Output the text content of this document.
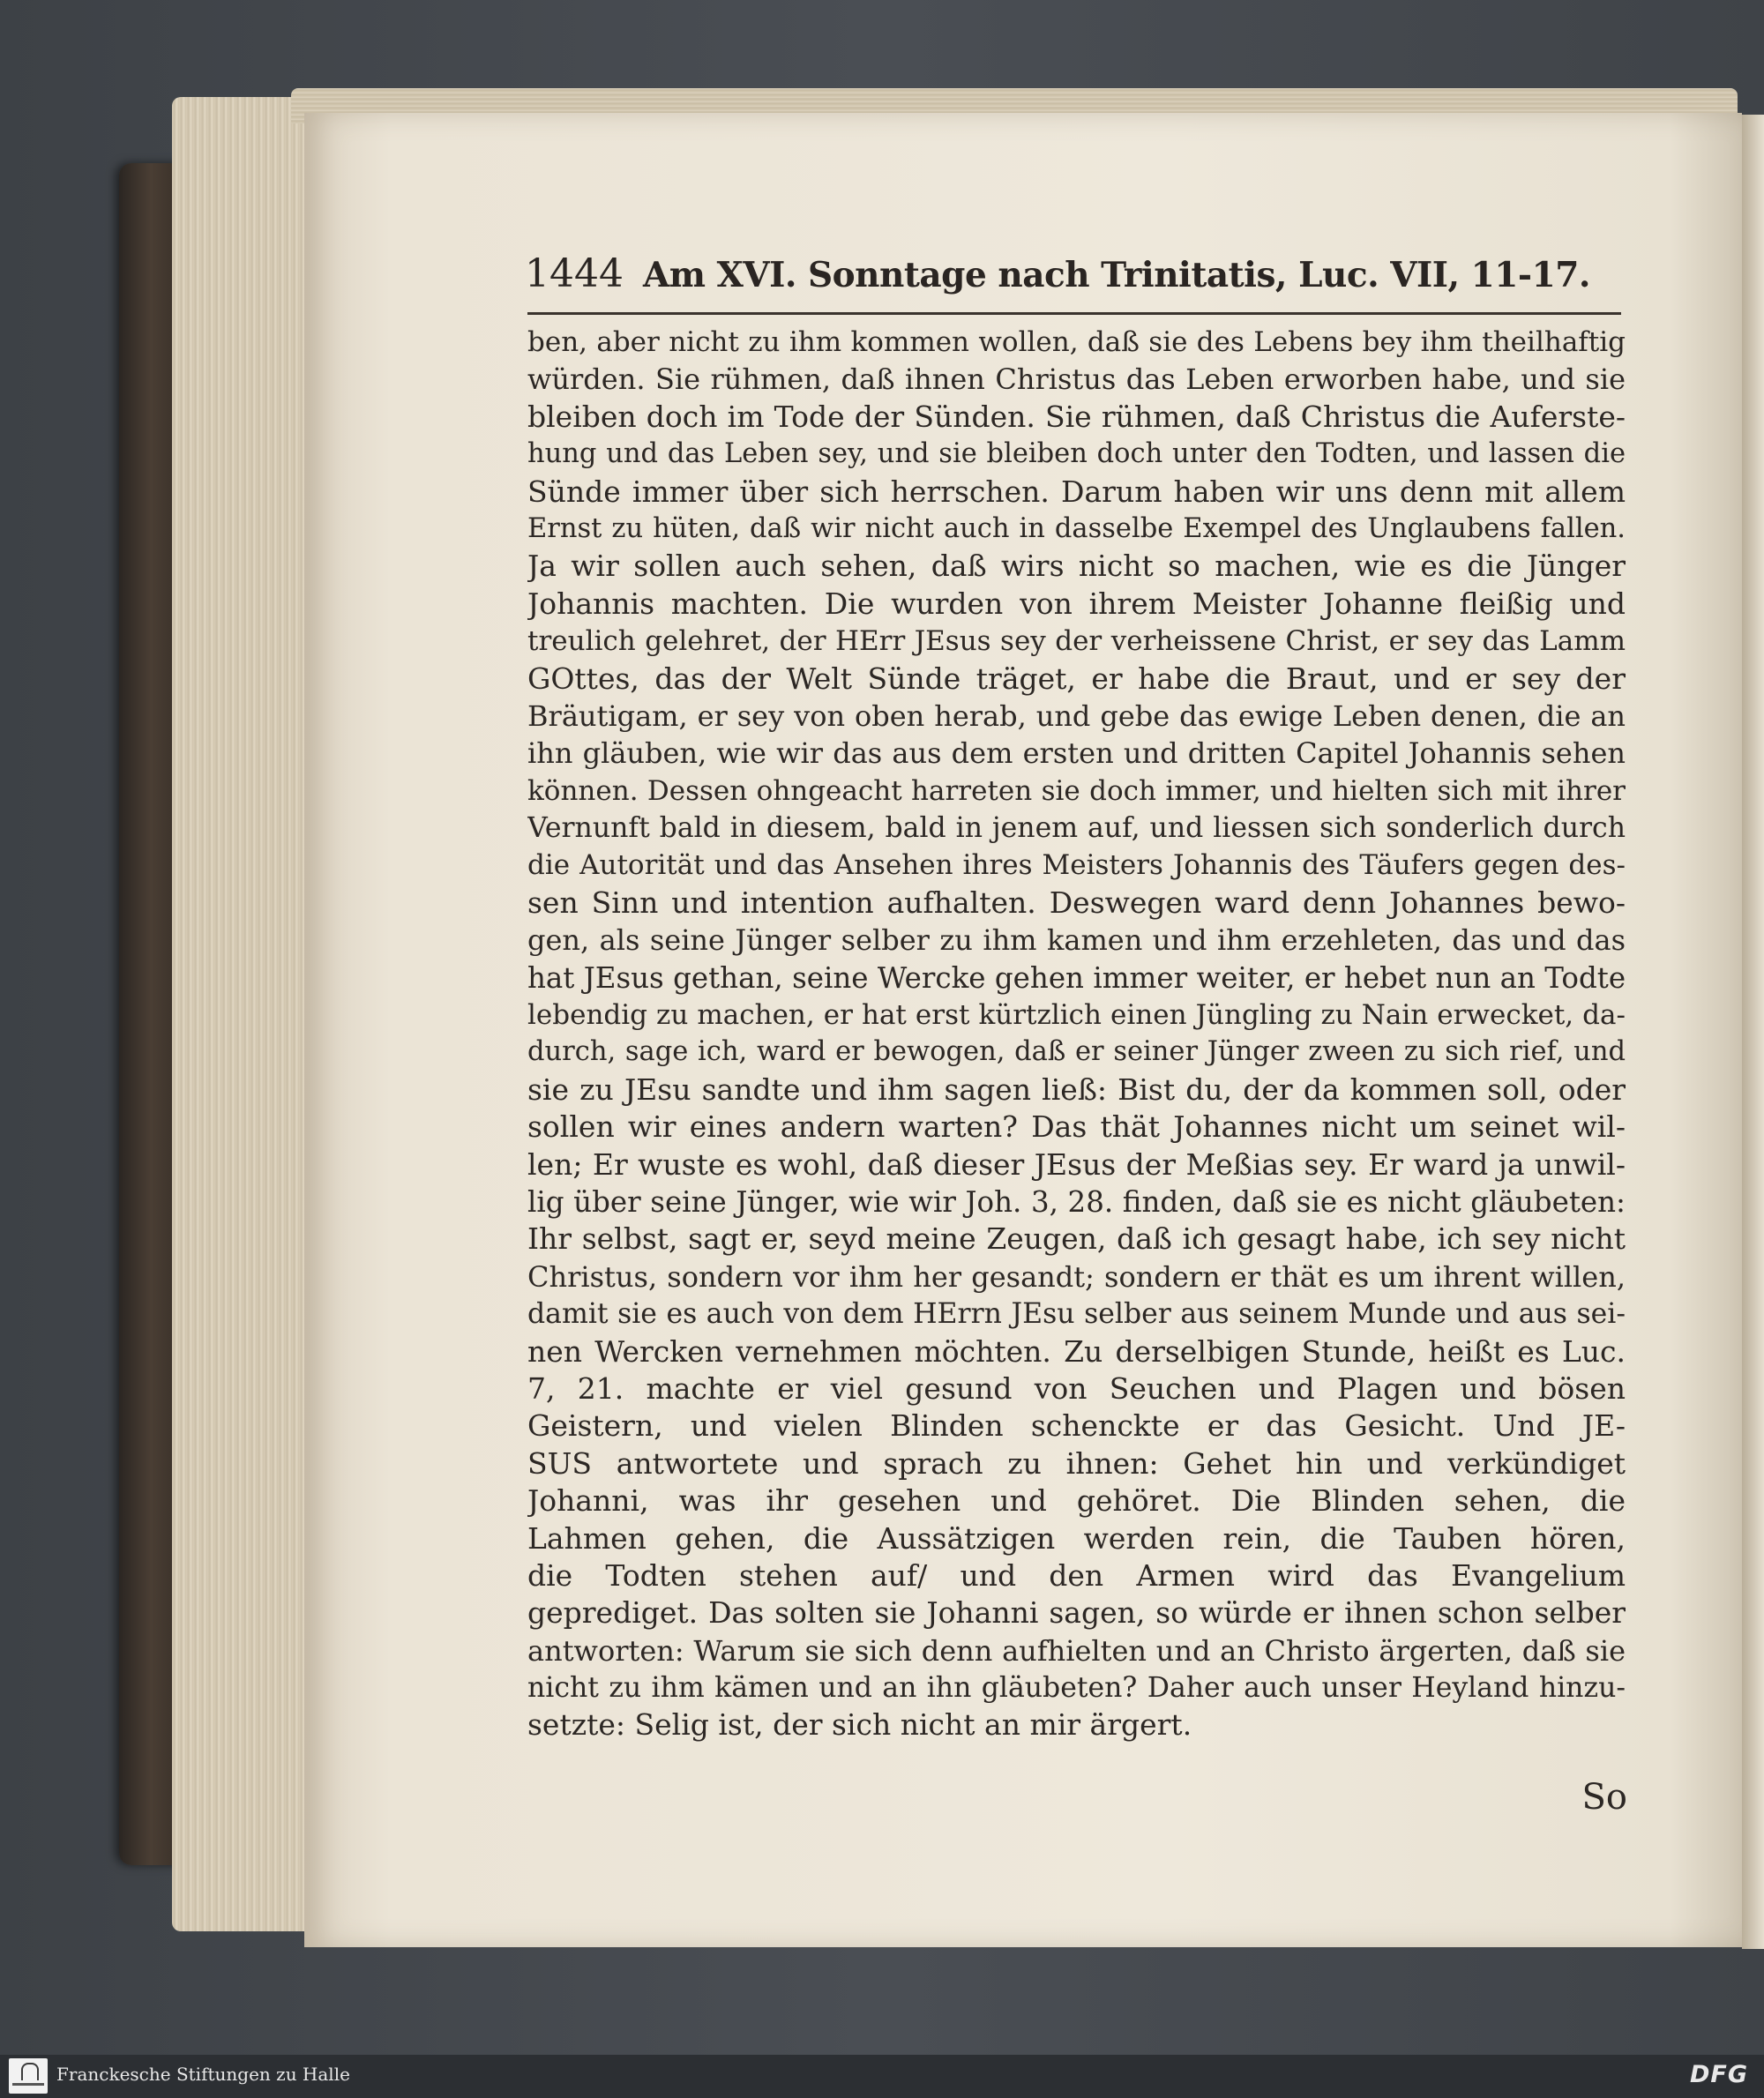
1444 Am XVI. Sonntage nach Trinitatis, Luc. VII, 11-17.
ben, aber nicht zu ihm kommen wollen, daß sie des Lebens bey ihm theilhaftig
würden. Sie rühmen, daß ihnen Christus das Leben erworben habe, und sie
bleiben doch im Tode der Sünden. Sie rühmen, daß Christus die Auferste-
hung und das Leben sey, und sie bleiben doch unter den Todten, und lassen die
Sünde immer über sich herrschen. Darum haben wir uns denn mit allem
Ernst zu hüten, daß wir nicht auch in dasselbe Exempel des Unglaubens fallen.
Ja wir sollen auch sehen, daß wirs nicht so machen, wie es die Jünger
Johannis machten. Die wurden von ihrem Meister Johanne fleißig und
treulich gelehret, der HErr JEsus sey der verheissene Christ, er sey das Lamm
GOttes, das der Welt Sünde träget, er habe die Braut, und er sey der
Bräutigam, er sey von oben herab, und gebe das ewige Leben denen, die an
ihn gläuben, wie wir das aus dem ersten und dritten Capitel Johannis sehen
können. Dessen ohngeacht harreten sie doch immer, und hielten sich mit ihrer
Vernunft bald in diesem, bald in jenem auf, und liessen sich sonderlich durch
die Autorität und das Ansehen ihres Meisters Johannis des Täufers gegen des-
sen Sinn und intention aufhalten. Deswegen ward denn Johannes bewo-
gen, als seine Jünger selber zu ihm kamen und ihm erzehleten, das und das
hat JEsus gethan, seine Wercke gehen immer weiter, er hebet nun an Todte
lebendig zu machen, er hat erst kürtzlich einen Jüngling zu Nain erwecket, da-
durch, sage ich, ward er bewogen, daß er seiner Jünger zween zu sich rief, und
sie zu JEsu sandte und ihm sagen ließ: Bist du, der da kommen soll, oder
sollen wir eines andern warten? Das thät Johannes nicht um seinet wil-
len; Er wuste es wohl, daß dieser JEsus der Meßias sey. Er ward ja unwil-
lig über seine Jünger, wie wir Joh. 3, 28. finden, daß sie es nicht gläubeten:
Ihr selbst, sagt er, seyd meine Zeugen, daß ich gesagt habe, ich sey nicht
Christus, sondern vor ihm her gesandt; sondern er thät es um ihrent willen,
damit sie es auch von dem HErrn JEsu selber aus seinem Munde und aus sei-
nen Wercken vernehmen möchten. Zu derselbigen Stunde, heißt es Luc.
7, 21. machte er viel gesund von Seuchen und Plagen und bösen
Geistern, und vielen Blinden schenckte er das Gesicht. Und JE-
SUS antwortete und sprach zu ihnen: Gehet hin und verkündiget
Johanni, was ihr gesehen und gehöret. Die Blinden sehen, die
Lahmen gehen, die Aussätzigen werden rein, die Tauben hören,
die Todten stehen auf/ und den Armen wird das Evangelium
geprediget. Das solten sie Johanni sagen, so würde er ihnen schon selber
antworten: Warum sie sich denn aufhielten und an Christo ärgerten, daß sie
nicht zu ihm kämen und an ihn gläubeten? Daher auch unser Heyland hinzu-
setzte: Selig ist, der sich nicht an mir ärgert.
So
Franckesche Stiftungen zu Halle	DFG
